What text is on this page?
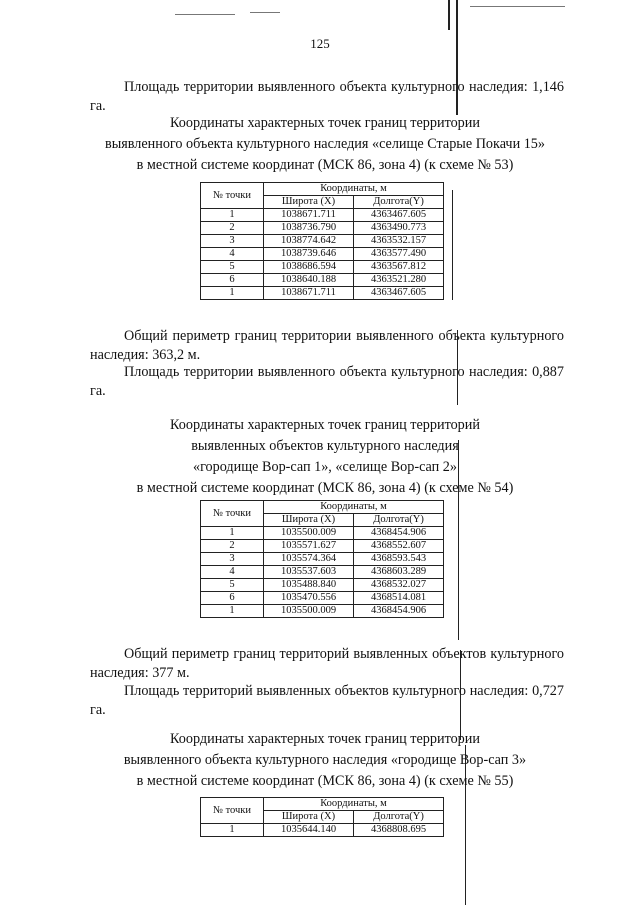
125
Площадь территории выявленного объекта культурного наследия: 1,146 га.
Координаты характерных точек границ территории
выявленного объекта культурного наследия «селище Старые Покачи 15»
в местной системе координат (МСК 86, зона 4) (к схеме № 53)
№ точки	Координаты, м	
	Широта (X)	Долгота(Y)
1	1038671.711	4363467.605
2	1038736.790	4363490.773
3	1038774.642	4363532.157
4	1038739.646	4363577.490
5	1038686.594	4363567.812
6	1038640.188	4363521.280
1	1038671.711	4363467.605
Общий периметр границ территории выявленного объекта культурного наследия: 363,2 м.
Площадь территории выявленного объекта культурного наследия: 0,887 га.
Координаты характерных точек границ территорий
выявленных объектов культурного наследия
«городище Вор-сап 1», «селище Вор-сап 2»
в местной системе координат (МСК 86, зона 4) (к схеме № 54)
№ точки	Координаты, м	
	Широта (X)	Долгота(Y)
1	1035500.009	4368454.906
2	1035571.627	4368552.607
3	1035574.364	4368593.543
4	1035537.603	4368603.289
5	1035488.840	4368532.027
6	1035470.556	4368514.081
1	1035500.009	4368454.906
Общий периметр границ территорий выявленных объектов культурного наследия: 377 м.
Площадь территорий выявленных объектов культурного наследия: 0,727 га.
Координаты характерных точек границ территории
выявленного объекта культурного наследия «городище Вор-сап 3»
в местной системе координат (МСК 86, зона 4) (к схеме № 55)
№ точки	Координаты, м	
	Широта (X)	Долгота(Y)
1	1035644.140	4368808.695
